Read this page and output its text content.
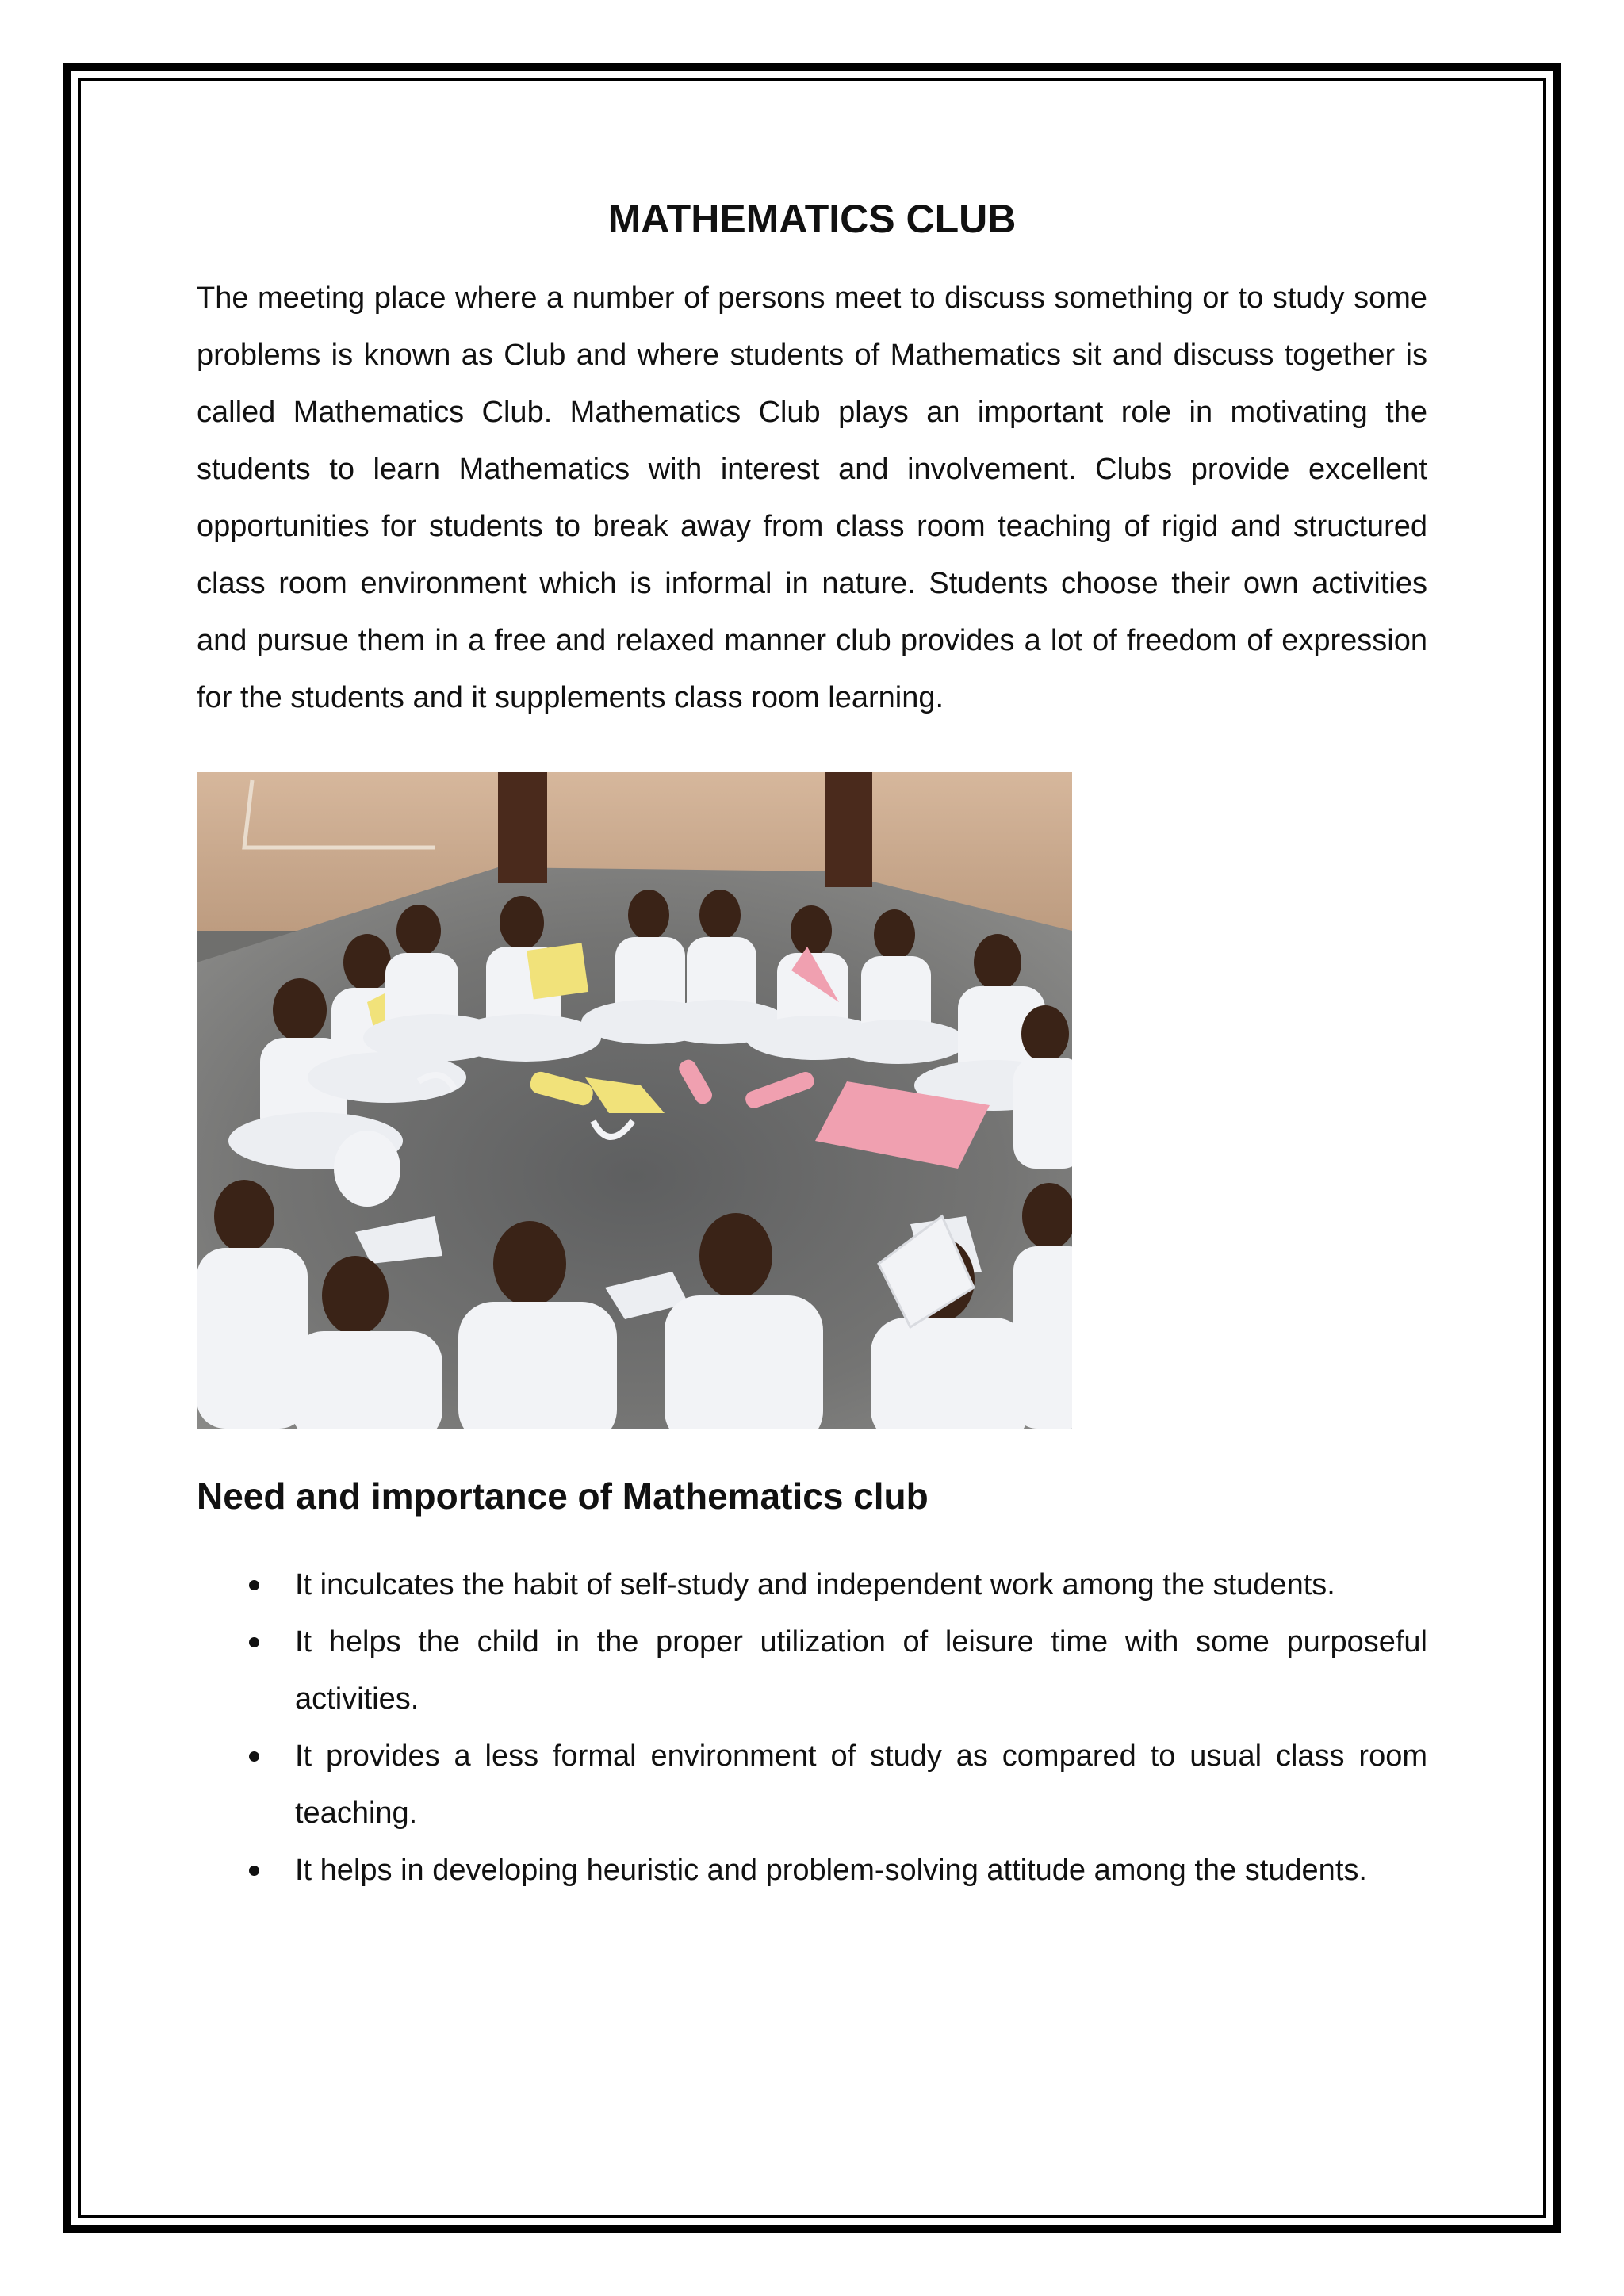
MATHEMATICS CLUB

The meeting place where a number of persons meet to discuss something or to study some problems is known as Club and where students of Mathematics sit and discuss together is called Mathematics Club. Mathematics Club plays an important role in motivating the students to learn Mathematics with interest and involvement. Clubs provide excellent opportunities for students to break away from class room teaching of rigid and structured class room environment which is informal in nature. Students choose their own activities and pursue them in a free and relaxed manner club provides a lot of freedom of expression for the students and it supplements class room learning.

Need and importance of Mathematics club
It inculcates the habit of self-study and independent work among the students.
It helps the child in the proper utilization of leisure time with some purposeful activities.
It provides a less formal environment of study as compared to usual class room teaching.
It helps in developing heuristic and problem-solving attitude among the students.
